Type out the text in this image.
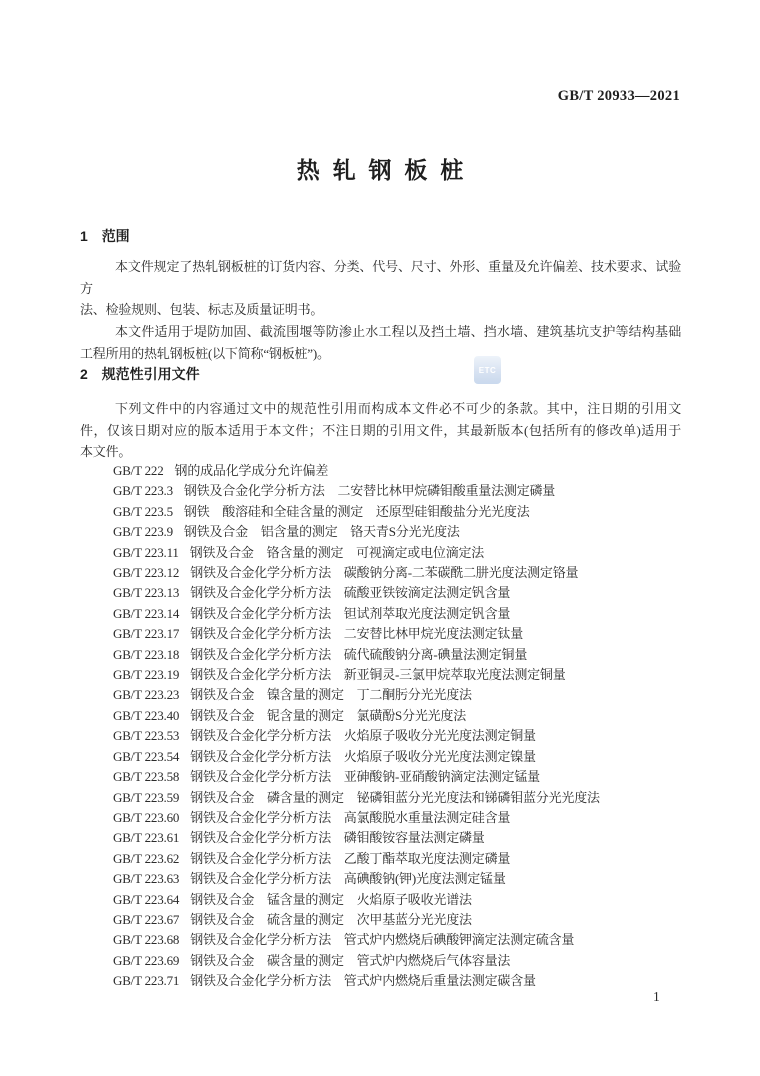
GB/T 20933—2021
热轧钢板桩
ETC
1 范围
本文件规定了热轧钢板桩的订货内容、分类、代号、尺寸、外形、重量及允许偏差、技术要求、试验方
法、检验规则、包装、标志及质量证明书。
本文件适用于堤防加固、截流围堰等防渗止水工程以及挡土墙、挡水墙、建筑基坑支护等结构基础
工程所用的热轧钢板桩(以下简称“钢板桩”)。
2 规范性引用文件
下列文件中的内容通过文中的规范性引用而构成本文件必不可少的条款。其中，注日期的引用文
件，仅该日期对应的版本适用于本文件；不注日期的引用文件，其最新版本(包括所有的修改单)适用于
本文件。
GB/T 222 钢的成品化学成分允许偏差
GB/T 223.3 钢铁及合金化学分析方法　二安替比林甲烷磷钼酸重量法测定磷量
GB/T 223.5 钢铁　酸溶硅和全硅含量的测定　还原型硅钼酸盐分光光度法
GB/T 223.9 钢铁及合金　铝含量的测定　铬天青S分光光度法
GB/T 223.11 钢铁及合金　铬含量的测定　可视滴定或电位滴定法
GB/T 223.12 钢铁及合金化学分析方法　碳酸钠分离-二苯碳酰二肼光度法测定铬量
GB/T 223.13 钢铁及合金化学分析方法　硫酸亚铁铵滴定法测定钒含量
GB/T 223.14 钢铁及合金化学分析方法　钽试剂萃取光度法测定钒含量
GB/T 223.17 钢铁及合金化学分析方法　二安替比林甲烷光度法测定钛量
GB/T 223.18 钢铁及合金化学分析方法　硫代硫酸钠分离-碘量法测定铜量
GB/T 223.19 钢铁及合金化学分析方法　新亚铜灵-三氯甲烷萃取光度法测定铜量
GB/T 223.23 钢铁及合金　镍含量的测定　丁二酮肟分光光度法
GB/T 223.40 钢铁及合金　铌含量的测定　氯磺酚S分光光度法
GB/T 223.53 钢铁及合金化学分析方法　火焰原子吸收分光光度法测定铜量
GB/T 223.54 钢铁及合金化学分析方法　火焰原子吸收分光光度法测定镍量
GB/T 223.58 钢铁及合金化学分析方法　亚砷酸钠-亚硝酸钠滴定法测定锰量
GB/T 223.59 钢铁及合金　磷含量的测定　铋磷钼蓝分光光度法和锑磷钼蓝分光光度法
GB/T 223.60 钢铁及合金化学分析方法　高氯酸脱水重量法测定硅含量
GB/T 223.61 钢铁及合金化学分析方法　磷钼酸铵容量法测定磷量
GB/T 223.62 钢铁及合金化学分析方法　乙酸丁酯萃取光度法测定磷量
GB/T 223.63 钢铁及合金化学分析方法　高碘酸钠(钾)光度法测定锰量
GB/T 223.64 钢铁及合金　锰含量的测定　火焰原子吸收光谱法
GB/T 223.67 钢铁及合金　硫含量的测定　次甲基蓝分光光度法
GB/T 223.68 钢铁及合金化学分析方法　管式炉内燃烧后碘酸钾滴定法测定硫含量
GB/T 223.69 钢铁及合金　碳含量的测定　管式炉内燃烧后气体容量法
GB/T 223.71 钢铁及合金化学分析方法　管式炉内燃烧后重量法测定碳含量
1
